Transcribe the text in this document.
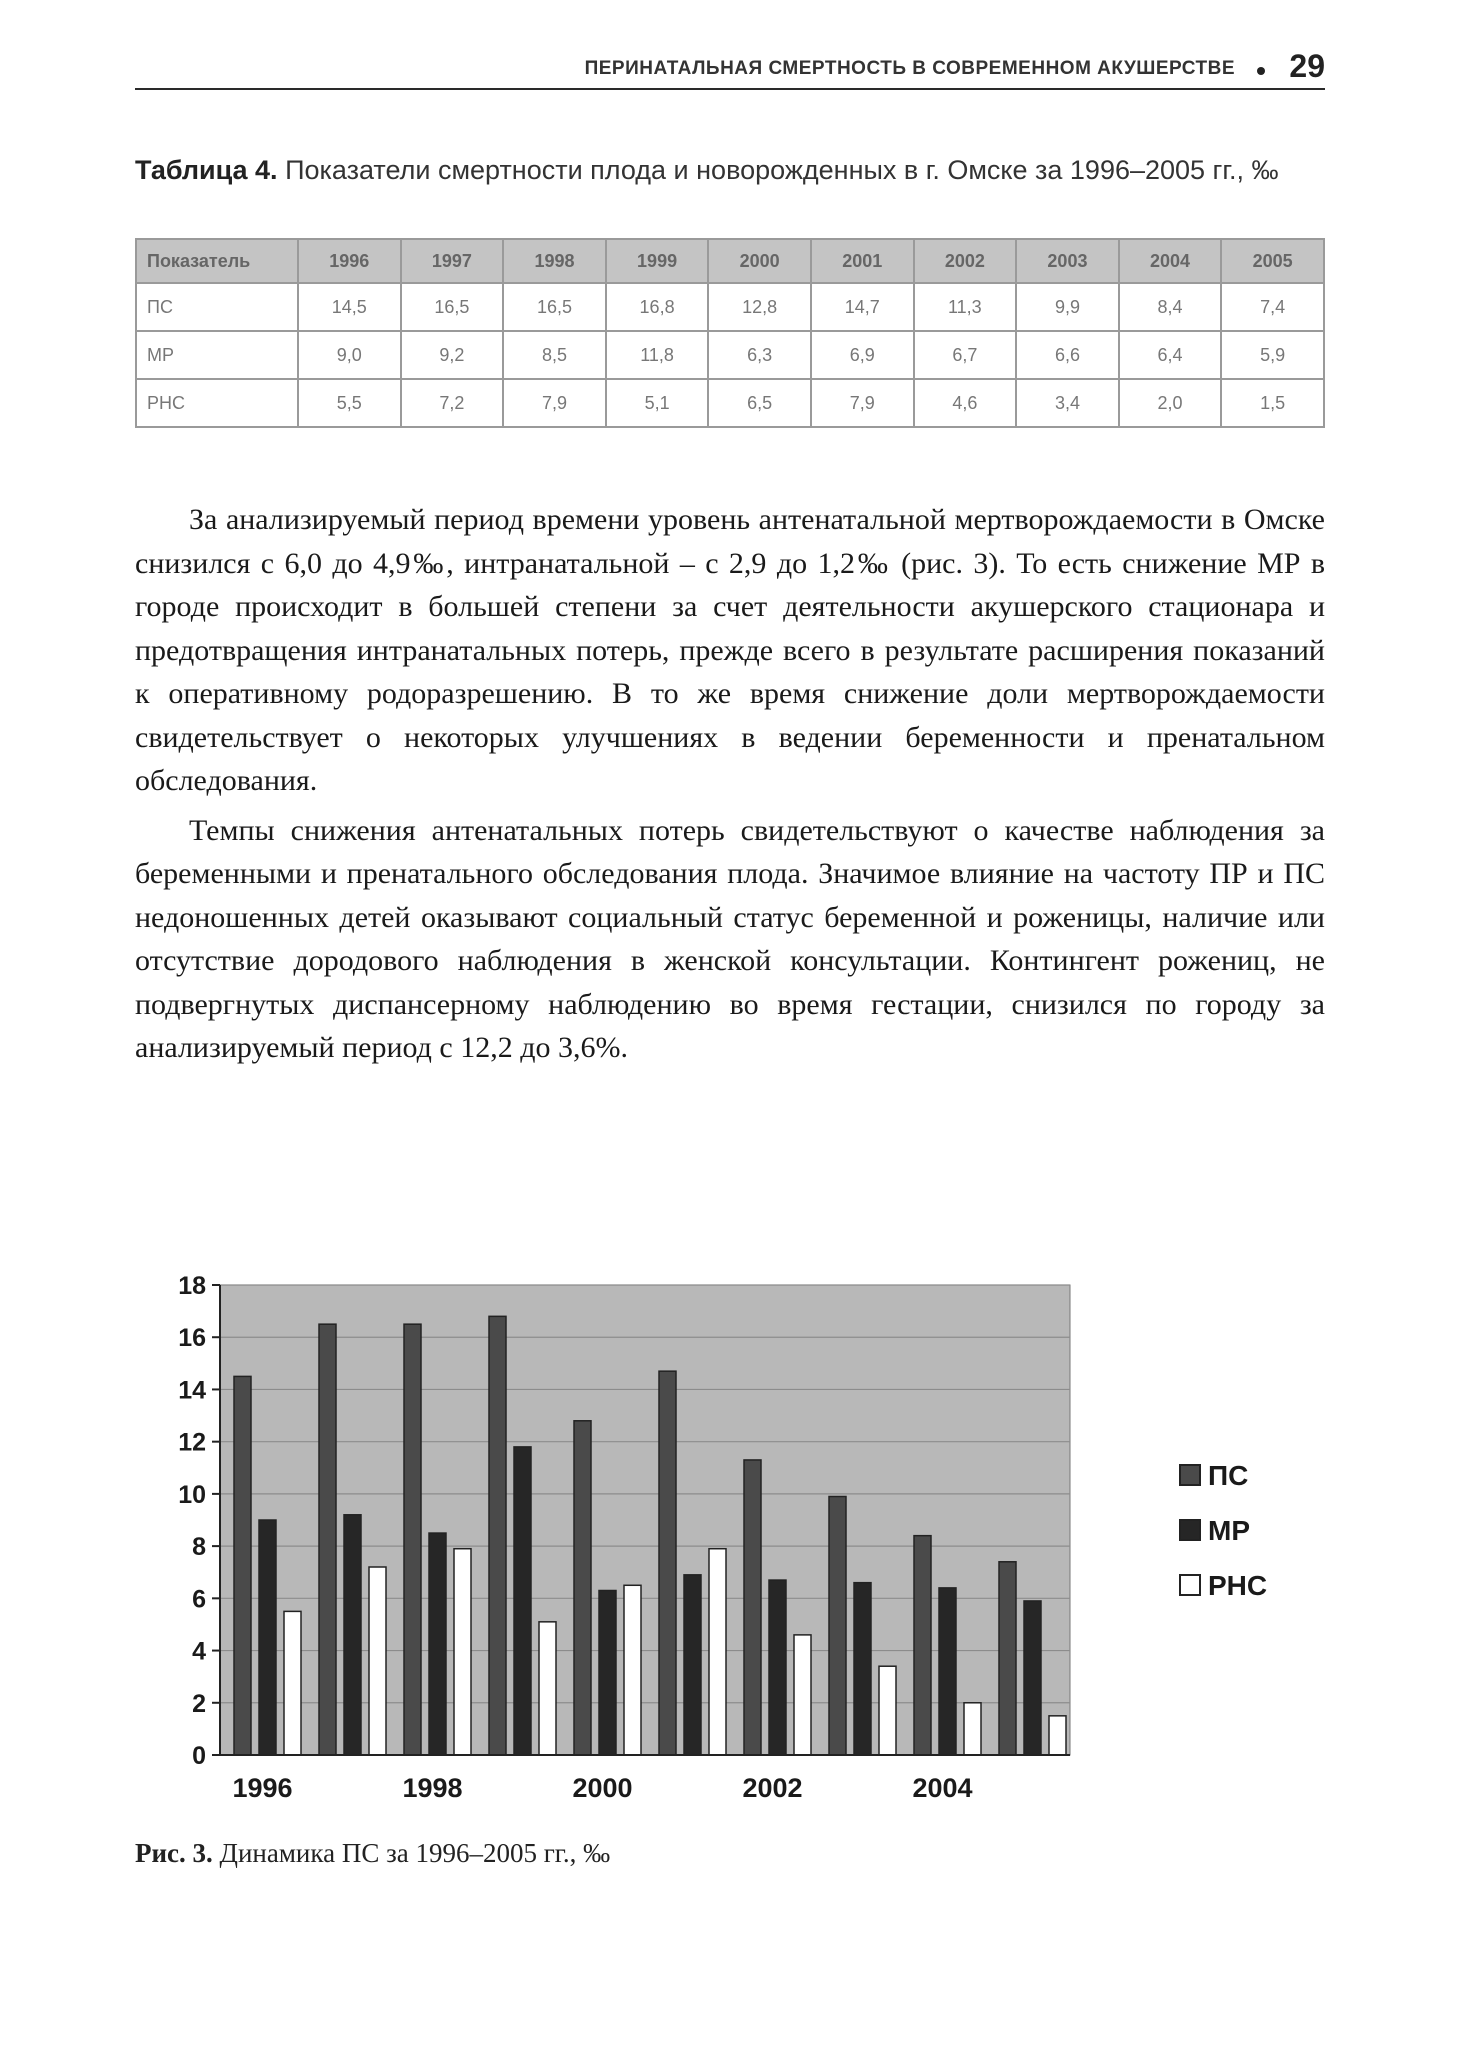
ПЕРИНАТАЛЬНАЯ СМЕРТНОСТЬ В СОВРЕМЕННОМ АКУШЕРСТВЕ 29
Таблица 4. Показатели смертности плода и новорожденных в г. Омске за 1996–2005 гг., ‰
Показатель	1996	1997	1998	1999	2000	2001	2002	2003	2004	2005
ПС	14,5	16,5	16,5	16,8	12,8	14,7	11,3	9,9	8,4	7,4
МР	9,0	9,2	8,5	11,8	6,3	6,9	6,7	6,6	6,4	5,9
РНС	5,5	7,2	7,9	5,1	6,5	7,9	4,6	3,4	2,0	1,5

За анализируемый период времени уровень антенатальной мертворождаемости в Омске снизился с 6,0 до 4,9‰, интранатальной – с 2,9 до 1,2‰ (рис. 3). То есть снижение МР в городе происходит в большей степени за счет деятельности акушерского стационара и предотвращения интранатальных потерь, прежде всего в результате расширения показаний к оперативному родоразрешению. В то же время снижение доли мертворождаемости свидетельствует о некоторых улучшениях в ведении беременности и пренатальном обследования.

Темпы снижения антенатальных потерь свидетельствуют о качестве наблюдения за беременными и пренатального обследования плода. Значимое влияние на частоту ПР и ПС недоношенных детей оказывают социальный статус беременной и роженицы, наличие или отсутствие дородового наблюдения в женской консультации. Контингент рожениц, не подвергнутых диспансерному наблюдению во время гестации, снизился по городу за анализируемый период с 12,2 до 3,6%.

0
2
4
6
8
10
12
14
16
18
1996	1998	2000	2002	2004
ПС
МР
РНС
Рис. 3. Динамика ПС за 1996–2005 гг., ‰
